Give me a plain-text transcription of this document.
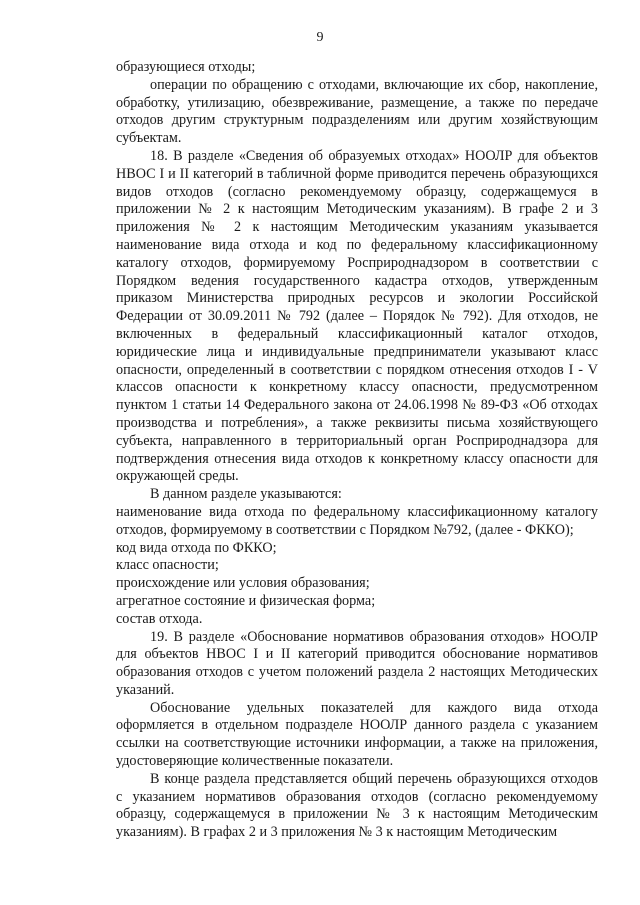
9

образующиеся отходы;

операции по обращению с отходами, включающие их сбор, накопление, обработку, утилизацию, обезвреживание, размещение, а также по передаче отходов другим структурным подразделениям или другим хозяйствующим субъектам.

18. В разделе «Сведения об образуемых отходах» НООЛР для объектов НВОС I и II категорий в табличной форме приводится перечень образующихся видов отходов (согласно рекомендуемому образцу, содержащемуся в приложении № 2 к настоящим Методическим указаниям). В графе 2 и 3 приложения № 2 к настоящим Методическим указаниям указывается наименование вида отхода и код по федеральному классификационному каталогу отходов, формируемому Росприроднадзором в соответствии с Порядком ведения государственного кадастра отходов, утвержденным приказом Министерства природных ресурсов и экологии Российской Федерации от 30.09.2011 № 792 (далее – Порядок № 792). Для отходов, не включенных в федеральный классификационный каталог отходов, юридические лица и индивидуальные предприниматели указывают класс опасности, определенный в соответствии с порядком отнесения отходов I - V классов опасности к конкретному классу опасности, предусмотренном пунктом 1 статьи 14 Федерального закона от 24.06.1998 № 89-ФЗ «Об отходах производства и потребления», а также реквизиты письма хозяйствующего субъекта, направленного в территориальный орган Росприроднадзора для подтверждения отнесения вида отходов к конкретному классу опасности для окружающей среды.

В данном разделе указываются:

наименование вида отхода по федеральному классификационному каталогу отходов, формируемому в соответствии с Порядком №792, (далее - ФККО);

код вида отхода по ФККО;

класс опасности;

происхождение или условия образования;

агрегатное состояние и физическая форма;

состав отхода.

19. В разделе «Обоснование нормативов образования отходов» НООЛР для объектов НВОС I и II категорий приводится обоснование нормативов образования отходов с учетом положений раздела 2 настоящих Методических указаний.

Обоснование удельных показателей для каждого вида отхода оформляется в отдельном подразделе НООЛР данного раздела с указанием ссылки на соответствующие источники информации, а также на приложения, удостоверяющие количественные показатели.

В конце раздела представляется общий перечень образующихся отходов с указанием нормативов образования отходов (согласно рекомендуемому образцу, содержащемуся в приложении № 3 к настоящим Методическим указаниям). В графах 2 и 3 приложения № 3 к настоящим Методическим
